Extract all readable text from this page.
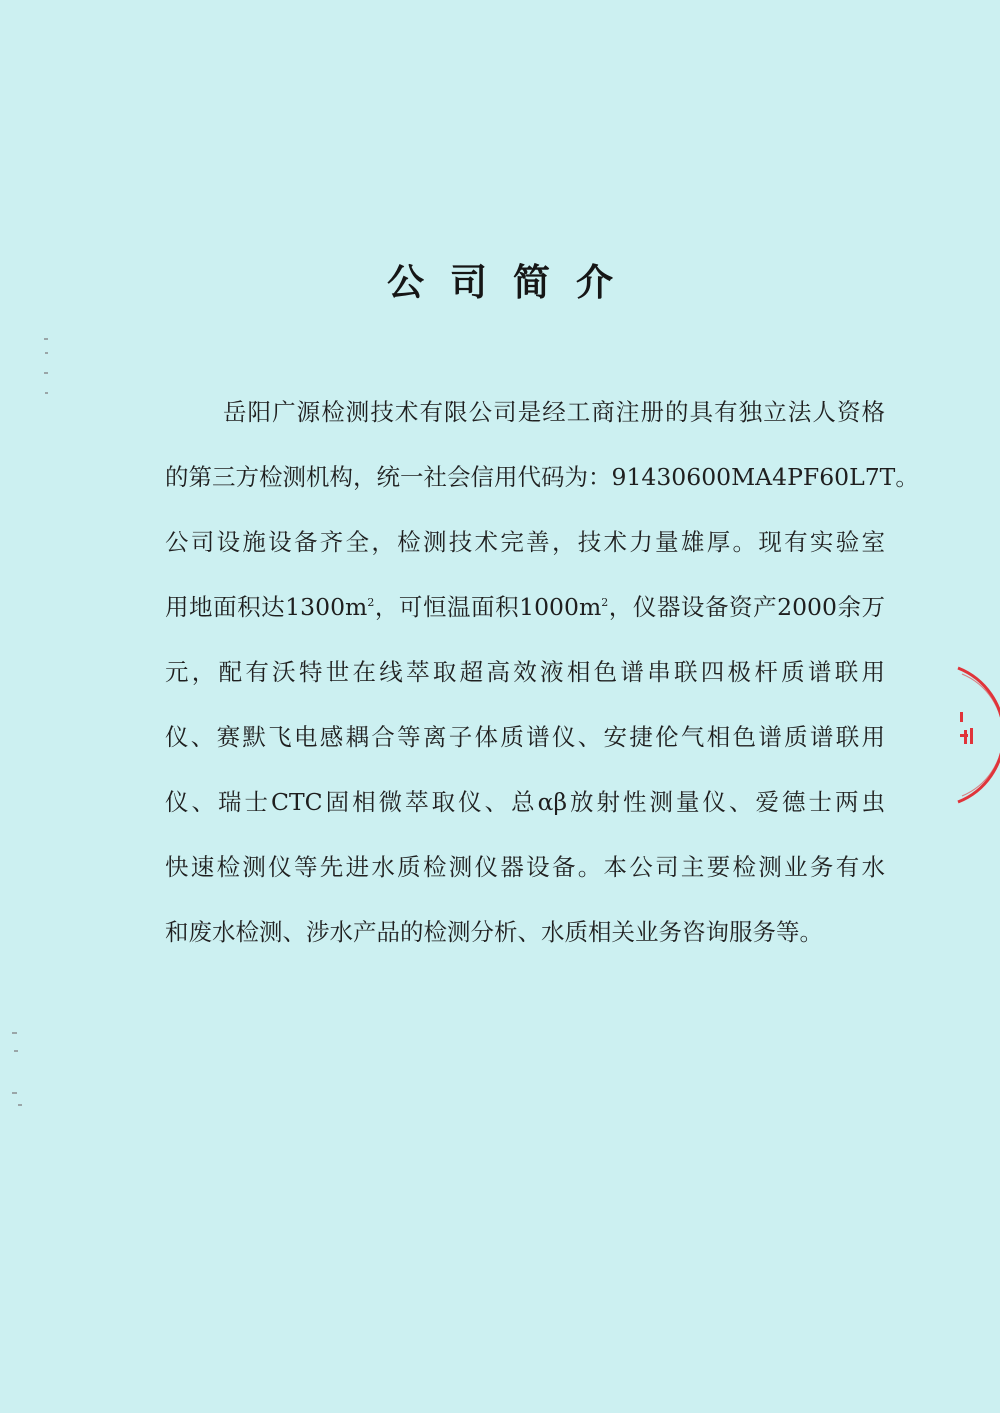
公司简介
岳阳广源检测技术有限公司是经工商注册的具有独立法人资格
的第三方检测机构，统一社会信用代码为：91430600MA4PF60L7T。
公司设施设备齐全，检测技术完善，技术力量雄厚。现有实验室
用地面积达$1300m^2$，可恒温面积$1000m^2$，仪器设备资产2000余万
元，配有沃特世在线萃取超高效液相色谱串联四极杆质谱联用
仪、赛默飞电感耦合等离子体质谱仪、安捷伦气相色谱质谱联用
仪、瑞士CTC固相微萃取仪、总αβ放射性测量仪、爱德士两虫
快速检测仪等先进水质检测仪器设备。本公司主要检测业务有水
和废水检测、涉水产品的检测分析、水质相关业务咨询服务等。
